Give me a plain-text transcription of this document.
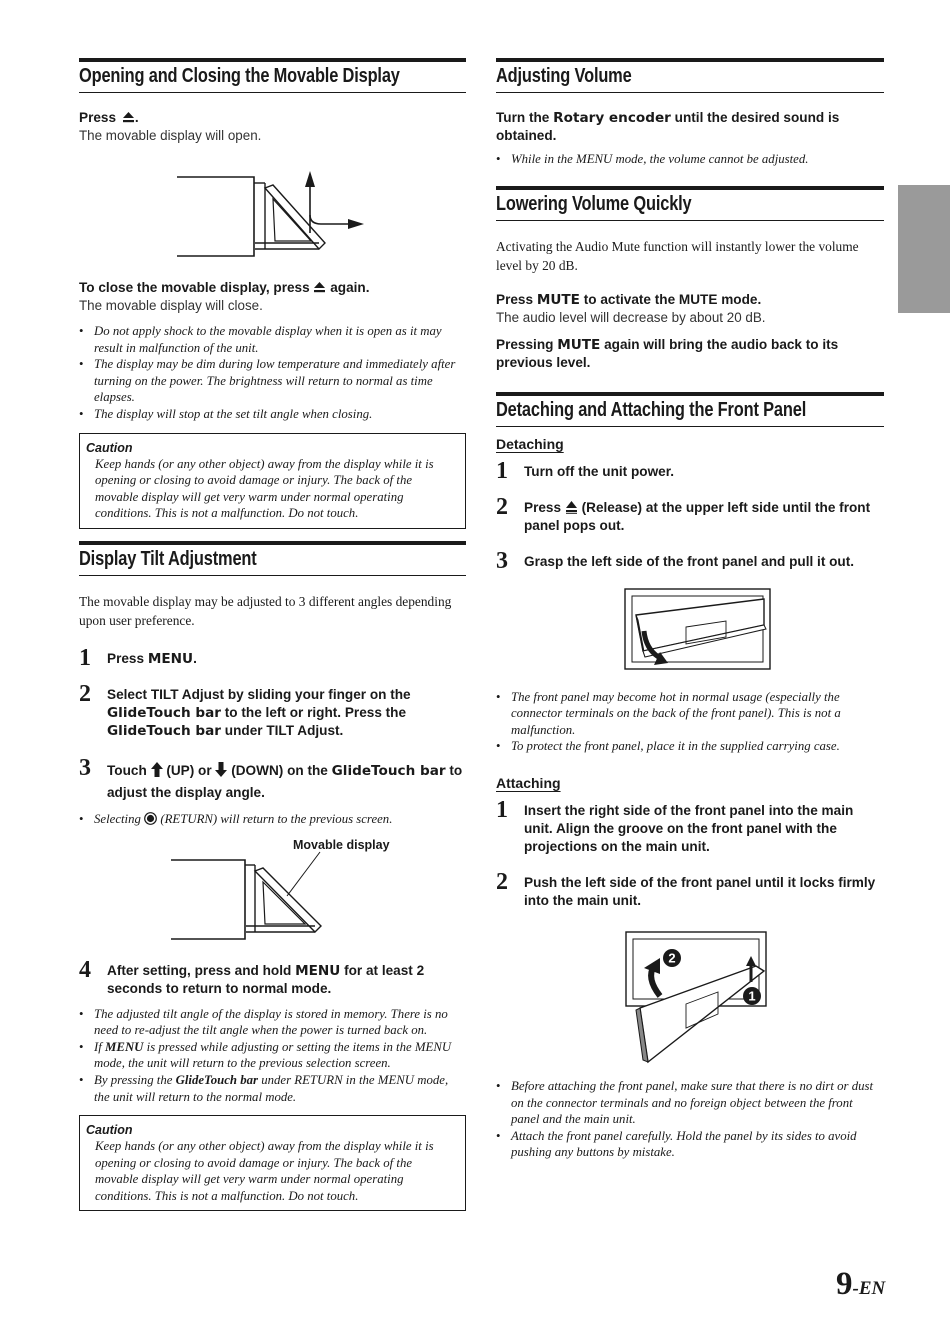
Opening and Closing the Movable Display
Press .
The movable display will open.
To close the movable display, press again.
The movable display will close.
• Do not apply shock to the movable display when it is open as it may result in malfunction of the unit.
• The display may be dim during low temperature and immediately after turning on the power. The brightness will return to normal as time elapses.
• The display will stop at the set tilt angle when closing.
Caution
Keep hands (or any other object) away from the display while it is opening or closing to avoid damage or injury. The back of the movable display will get very warm under normal operating conditions. This is not a malfunction. Do not touch.
Display Tilt Adjustment
The movable display may be adjusted to 3 different angles depending upon user preference.
1 Press MENU.
2 Select TILT Adjust by sliding your finger on the GlideTouch bar to the left or right. Press the GlideTouch bar under TILT Adjust.
3 Touch (UP) or (DOWN) on the GlideTouch bar to adjust the display angle.
• Selecting (RETURN) will return to the previous screen.
Movable display
4 After setting, press and hold MENU for at least 2 seconds to return to normal mode.
• The adjusted tilt angle of the display is stored in memory. There is no need to re-adjust the tilt angle when the power is turned back on.
• If MENU is pressed while adjusting or setting the items in the MENU mode, the unit will return to the previous selection screen.
• By pressing the GlideTouch bar under RETURN in the MENU mode, the unit will return to the normal mode.
Caution
Keep hands (or any other object) away from the display while it is opening or closing to avoid damage or injury. The back of the movable display will get very warm under normal operating conditions. This is not a malfunction. Do not touch.
Adjusting Volume
Turn the Rotary encoder until the desired sound is obtained.
• While in the MENU mode, the volume cannot be adjusted.
Lowering Volume Quickly
Activating the Audio Mute function will instantly lower the volume level by 20 dB.
Press MUTE to activate the MUTE mode.
The audio level will decrease by about 20 dB.
Pressing MUTE again will bring the audio back to its previous level.
Detaching and Attaching the Front Panel
Detaching
1 Turn off the unit power.
2 Press (Release) at the upper left side until the front panel pops out.
3 Grasp the left side of the front panel and pull it out.
• The front panel may become hot in normal usage (especially the connector terminals on the back of the front panel). This is not a malfunction.
• To protect the front panel, place it in the supplied carrying case.
Attaching
1 Insert the right side of the front panel into the main unit. Align the groove on the front panel with the projections on the main unit.
2 Push the left side of the front panel until it locks firmly into the main unit.
2
1
• Before attaching the front panel, make sure that there is no dirt or dust on the connector terminals and no foreign object between the front panel and the main unit.
• Attach the front panel carefully. Hold the panel by its sides to avoid pushing any buttons by mistake.
9-EN
